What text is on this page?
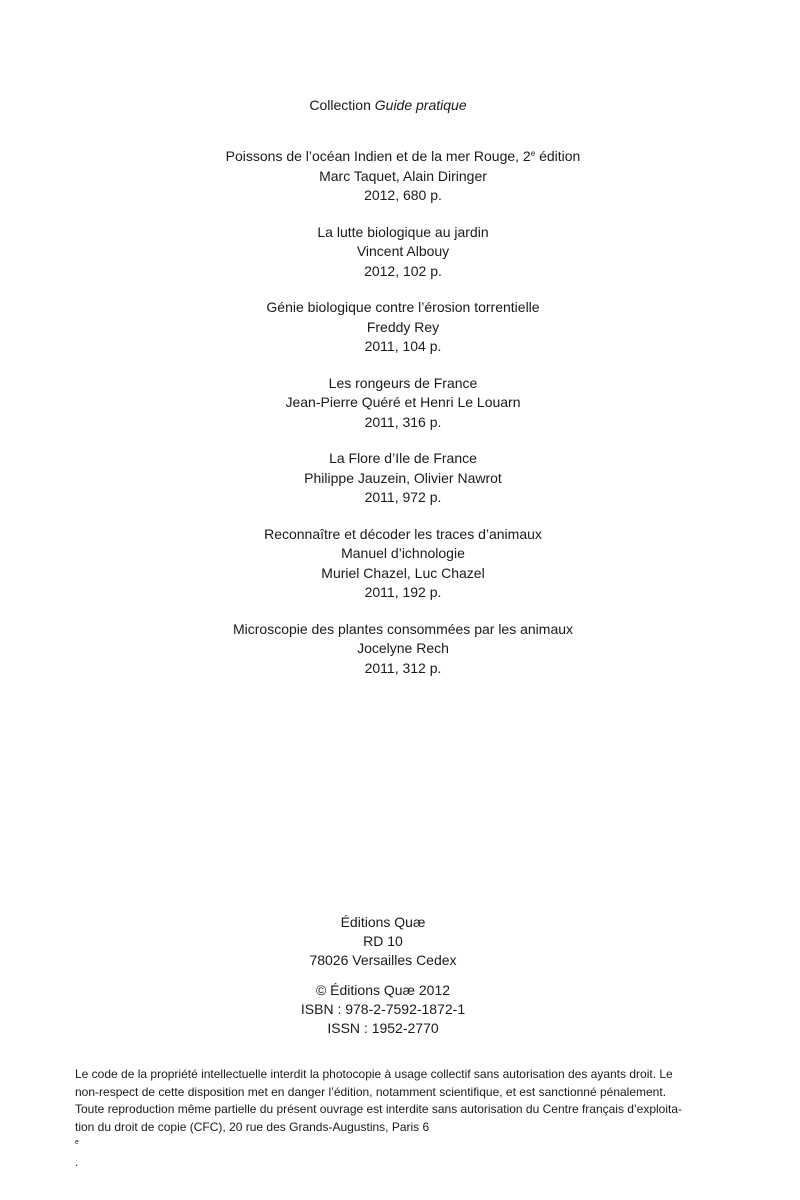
Collection Guide pratique
Poissons de l’océan Indien et de la mer Rouge, 2e édition
Marc Taquet, Alain Diringer
2012, 680 p.
La lutte biologique au jardin
Vincent Albouy
2012, 102 p.
Génie biologique contre l’érosion torrentielle
Freddy Rey
2011, 104 p.
Les rongeurs de France
Jean-Pierre Quéré et Henri Le Louarn
2011, 316 p.
La Flore d’Ile de France
Philippe Jauzein, Olivier Nawrot
2011, 972 p.
Reconnaître et décoder les traces d’animaux
Manuel d’ichnologie
Muriel Chazel, Luc Chazel
2011, 192 p.
Microscopie des plantes consommées par les animaux
Jocelyne Rech
2011, 312 p.
Éditions Quæ
RD 10
78026 Versailles Cedex
© Éditions Quæ 2012
ISBN : 978-2-7592-1872-1
ISSN : 1952-2770

Le code de la propriété intellectuelle interdit la photocopie à usage collectif sans autorisation des ayants droit. Le
non-respect de cette disposition met en danger l’édition, notamment scientifique, et est sanctionné pénalement.
Toute reproduction même partielle du présent ouvrage est interdite sans autorisation du Centre français d’exploita-
tion du droit de copie (CFC), 20 rue des Grands-Augustins, Paris 6
$^e$
.
